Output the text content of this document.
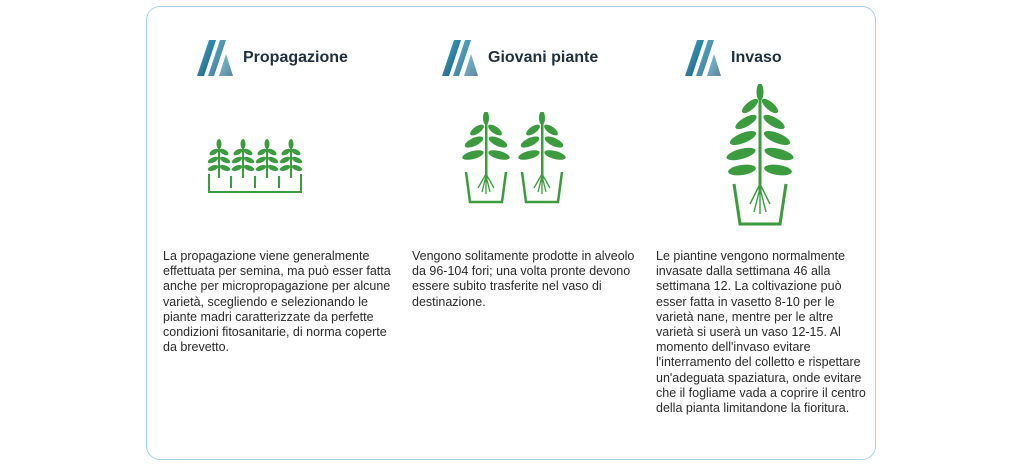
Propagazione
La propagazione viene generalmente effettuata per semina, ma può esser fatta anche per micropropagazione per alcune varietà, scegliendo e selezionando le piante madri caratterizzate da perfette condizioni fitosanitarie, di norma coperte da brevetto.
Giovani piante
Vengono solitamente prodotte in alveolo da 96-104 fori; una volta pronte devono essere subito trasferite nel vaso di destinazione.
Invaso
Le piantine vengono normalmente invasate dalla settimana 46 alla settimana 12. La coltivazione può esser fatta in vasetto 8-10 per le varietà nane, mentre per le altre varietà si userà un vaso 12-15. Al momento dell'invaso evitare l'interramento del colletto e rispettare un'adeguata spaziatura, onde evitare che il fogliame vada a coprire il centro della pianta limitandone la fioritura.
